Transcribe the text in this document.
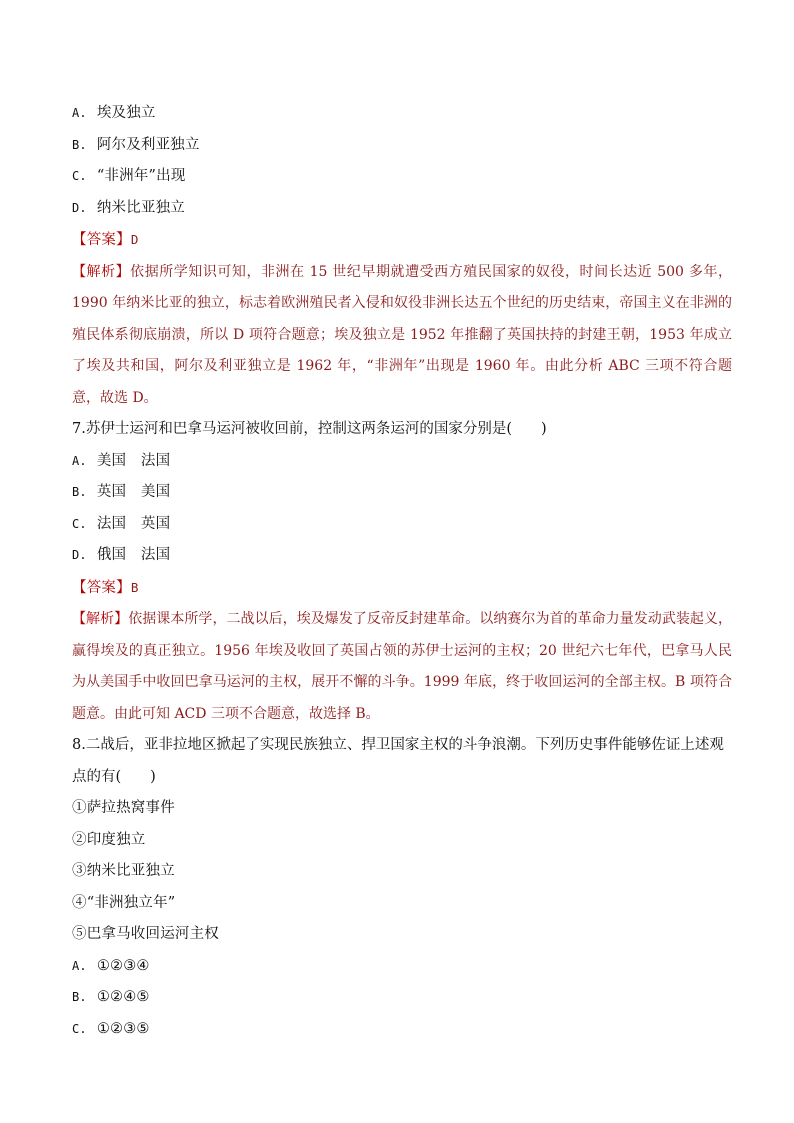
A. 埃及独立
B. 阿尔及利亚独立
C. “非洲年”出现
D. 纳米比亚独立
【答案】D
【解析】依据所学知识可知，非洲在 15 世纪早期就遭受西方殖民国家的奴役，时间长达近 500 多年，1990 年纳米比亚的独立，标志着欧洲殖民者入侵和奴役非洲长达五个世纪的历史结束，帝国主义在非洲的殖民体系彻底崩溃，所以 D 项符合题意；埃及独立是 1952 年推翻了英国扶持的封建王朝，1953 年成立了埃及共和国，阿尔及利亚独立是 1962 年，“非洲年”出现是 1960 年。由此分析 ABC 三项不符合题意，故选 D。
7.苏伊士运河和巴拿马运河被收回前，控制这两条运河的国家分别是(　　)
A. 美国　法国
B. 英国　美国
C. 法国　英国
D. 俄国　法国
【答案】B
【解析】依据课本所学，二战以后，埃及爆发了反帝反封建革命。以纳赛尔为首的革命力量发动武装起义，赢得埃及的真正独立。1956 年埃及收回了英国占领的苏伊士运河的主权；20 世纪六七年代，巴拿马人民为从美国手中收回巴拿马运河的主权，展开不懈的斗争。1999 年底，终于收回运河的全部主权。B 项符合题意。由此可知 ACD 三项不合题意，故选择 B。
8.二战后，亚非拉地区掀起了实现民族独立、捍卫国家主权的斗争浪潮。下列历史事件能够佐证上述观点的有(　　)
①萨拉热窝事件
②印度独立
③纳米比亚独立
④“非洲独立年”
⑤巴拿马收回运河主权
A. ①②③④
B. ①②④⑤
C. ①②③⑤
